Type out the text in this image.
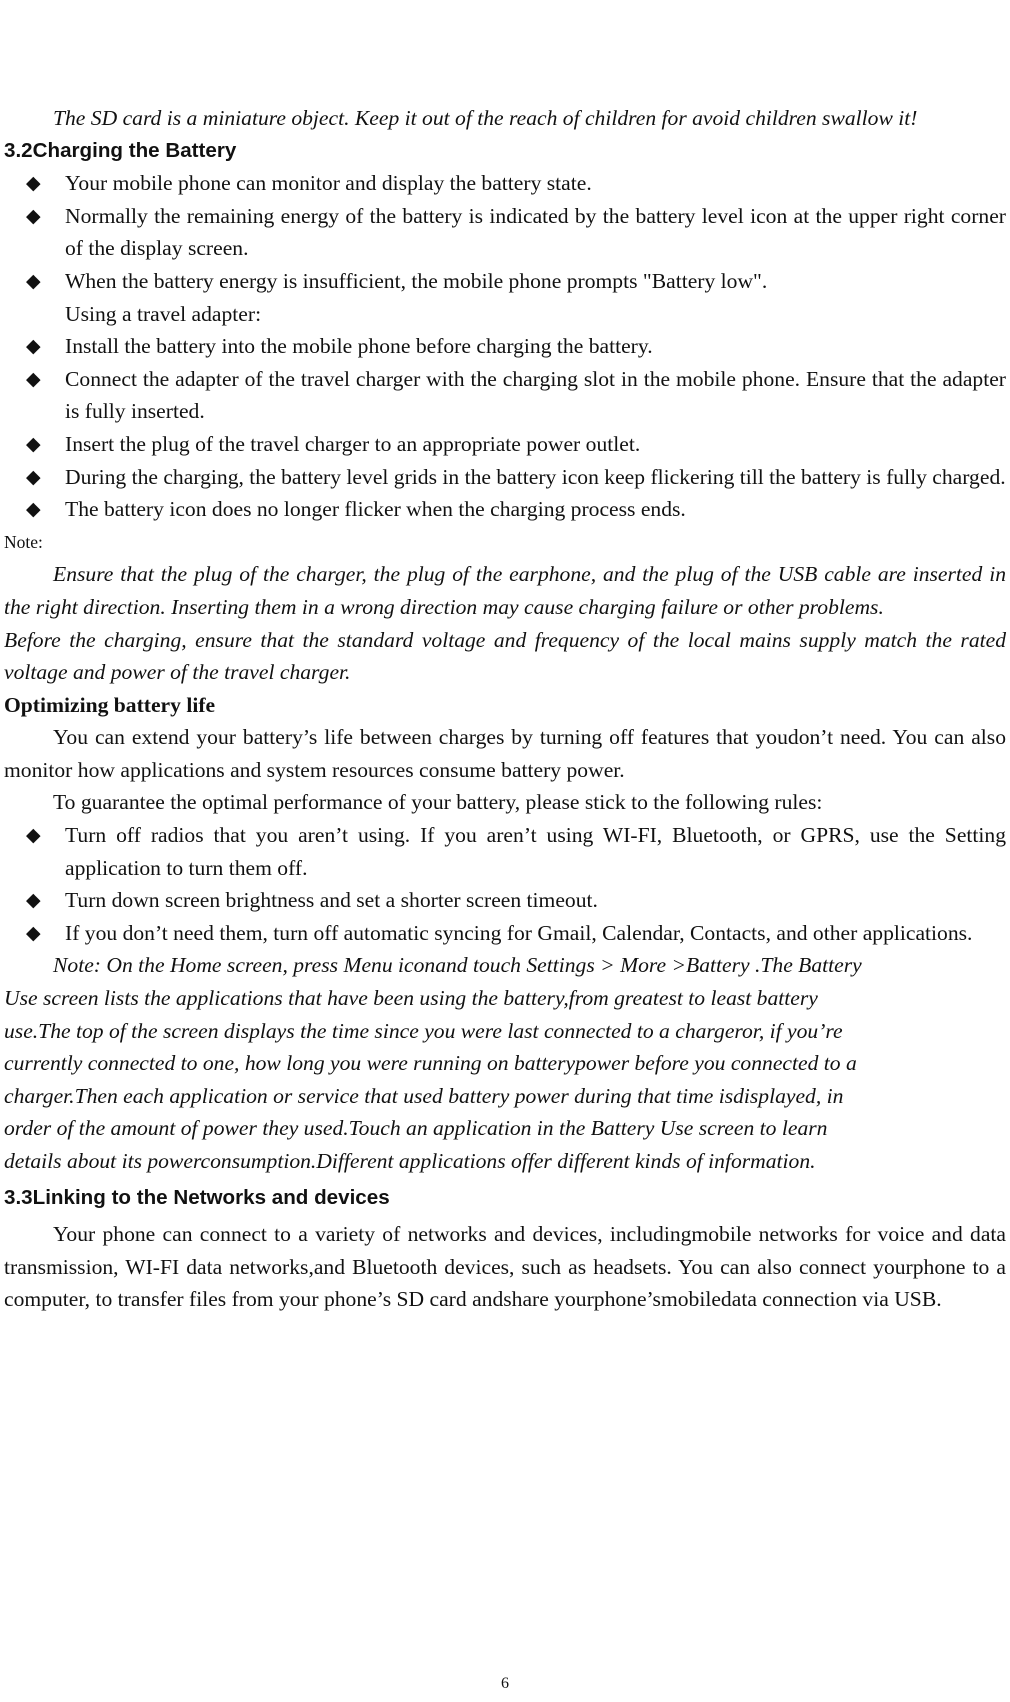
The SD card is a miniature object. Keep it out of the reach of children for avoid children swallow it!

3.2Charging the Battery

◆ Your mobile phone can monitor and display the battery state.
◆ Normally the remaining energy of the battery is indicated by the battery level icon at the upper right corner of the display screen.
◆ When the battery energy is insufficient, the mobile phone prompts "Battery low".

Using a travel adapter:

◆ Install the battery into the mobile phone before charging the battery.
◆ Connect the adapter of the travel charger with the charging slot in the mobile phone. Ensure that the adapter is fully inserted.
◆ Insert the plug of the travel charger to an appropriate power outlet.
◆ During the charging, the battery level grids in the battery icon keep flickering till the battery is fully charged.
◆ The battery icon does no longer flicker when the charging process ends.

Note:

Ensure that the plug of the charger, the plug of the earphone, and the plug of the USB cable are inserted in the right direction. Inserting them in a wrong direction may cause charging failure or other problems.

Before the charging, ensure that the standard voltage and frequency of the local mains supply match the rated voltage and power of the travel charger.

Optimizing battery life

You can extend your battery’s life between charges by turning off features that youdon’t need. You can also monitor how applications and system resources consume battery power.

To guarantee the optimal performance of your battery, please stick to the following rules:

◆ Turn off radios that you aren’t using. If you aren’t using WI-FI, Bluetooth, or GPRS, use the Setting application to turn them off.
◆ Turn down screen brightness and set a shorter screen timeout.
◆ If you don’t need them, turn off automatic syncing for Gmail, Calendar, Contacts, and other applications.
Note: On the Home screen, press Menu iconand touch Settings > More >Battery .The Battery
Use screen lists the applications that have been using the battery,from greatest to least battery
use.The top of the screen displays the time since you were last connected to a chargeror, if you’re
currently connected to one, how long you were running on batterypower before you connected to a
charger.Then each application or service that used battery power during that time isdisplayed, in
order of the amount of power they used.Touch an application in the Battery Use screen to learn
details about its powerconsumption.Different applications offer different kinds of information.

3.3Linking to the Networks and devices

Your phone can connect to a variety of networks and devices, includingmobile networks for voice and data transmission, WI-FI data networks,and Bluetooth devices, such as headsets. You can also connect yourphone to a computer, to transfer files from your phone’s SD card andshare yourphone’smobiledata connection via USB.

6
